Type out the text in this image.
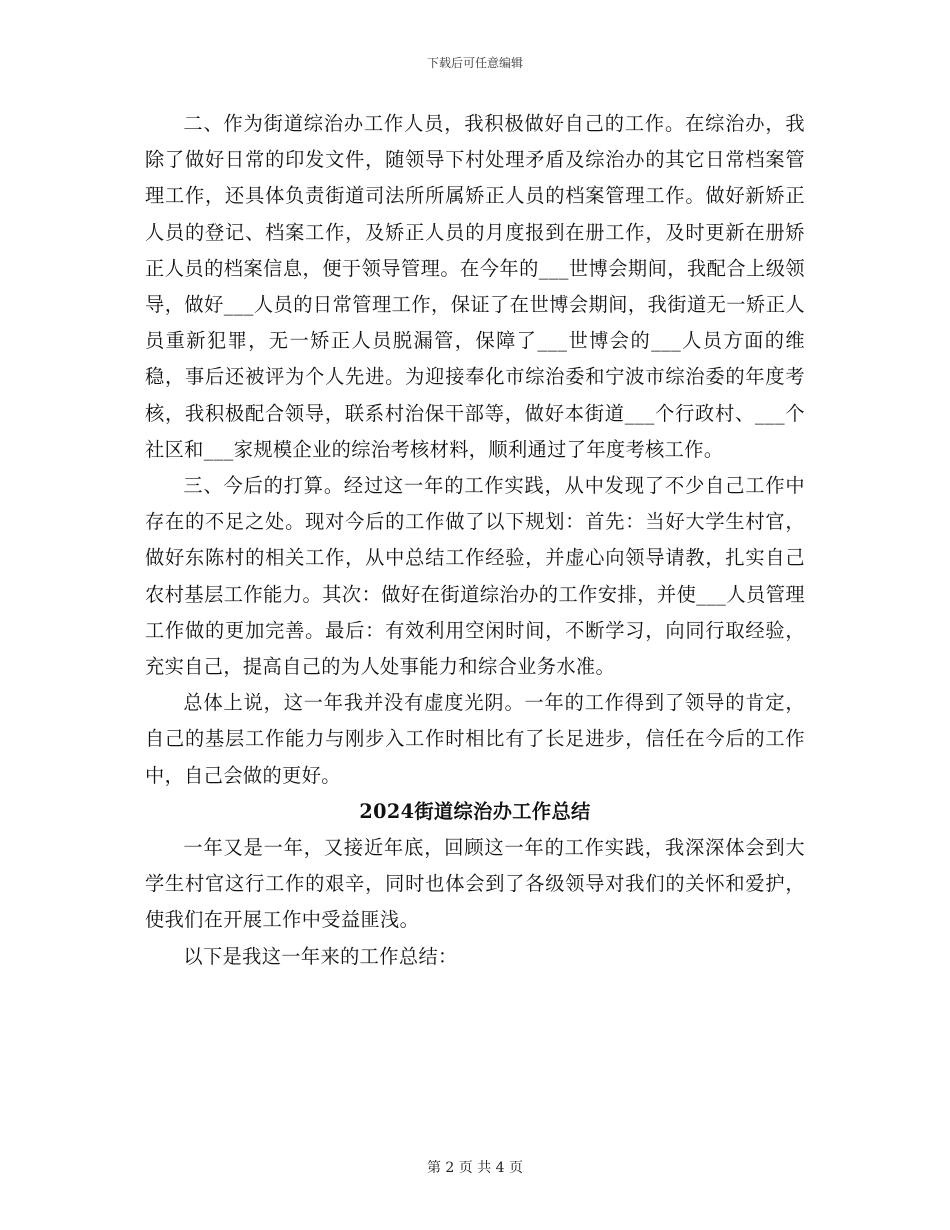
下载后可任意编辑

二、作为街道综治办工作人员，我积极做好自己的工作。在综治办，我除了做好日常的印发文件，随领导下村处理矛盾及综治办的其它日常档案管理工作，还具体负责街道司法所所属矫正人员的档案管理工作。做好新矫正人员的登记、档案工作，及矫正人员的月度报到在册工作，及时更新在册矫正人员的档案信息，便于领导管理。在今年的___世博会期间，我配合上级领导，做好___人员的日常管理工作，保证了在世博会期间，我街道无一矫正人员重新犯罪，无一矫正人员脱漏管，保障了___世博会的___人员方面的维稳，事后还被评为个人先进。为迎接奉化市综治委和宁波市综治委的年度考核，我积极配合领导，联系村治保干部等，做好本街道___个行政村、___个社区和___家规模企业的综治考核材料，顺利通过了年度考核工作。

三、今后的打算。经过这一年的工作实践，从中发现了不少自己工作中存在的不足之处。现对今后的工作做了以下规划：首先：当好大学生村官，做好东陈村的相关工作，从中总结工作经验，并虚心向领导请教，扎实自己农村基层工作能力。其次：做好在街道综治办的工作安排，并使___人员管理工作做的更加完善。最后：有效利用空闲时间，不断学习，向同行取经验，充实自己，提高自己的为人处事能力和综合业务水准。

总体上说，这一年我并没有虚度光阴。一年的工作得到了领导的肯定，自己的基层工作能力与刚步入工作时相比有了长足进步，信任在今后的工作中，自己会做的更好。

2024街道综治办工作总结

一年又是一年，又接近年底，回顾这一年的工作实践，我深深体会到大学生村官这行工作的艰辛，同时也体会到了各级领导对我们的关怀和爱护，使我们在开展工作中受益匪浅。

以下是我这一年来的工作总结：

第 2 页 共 4 页
